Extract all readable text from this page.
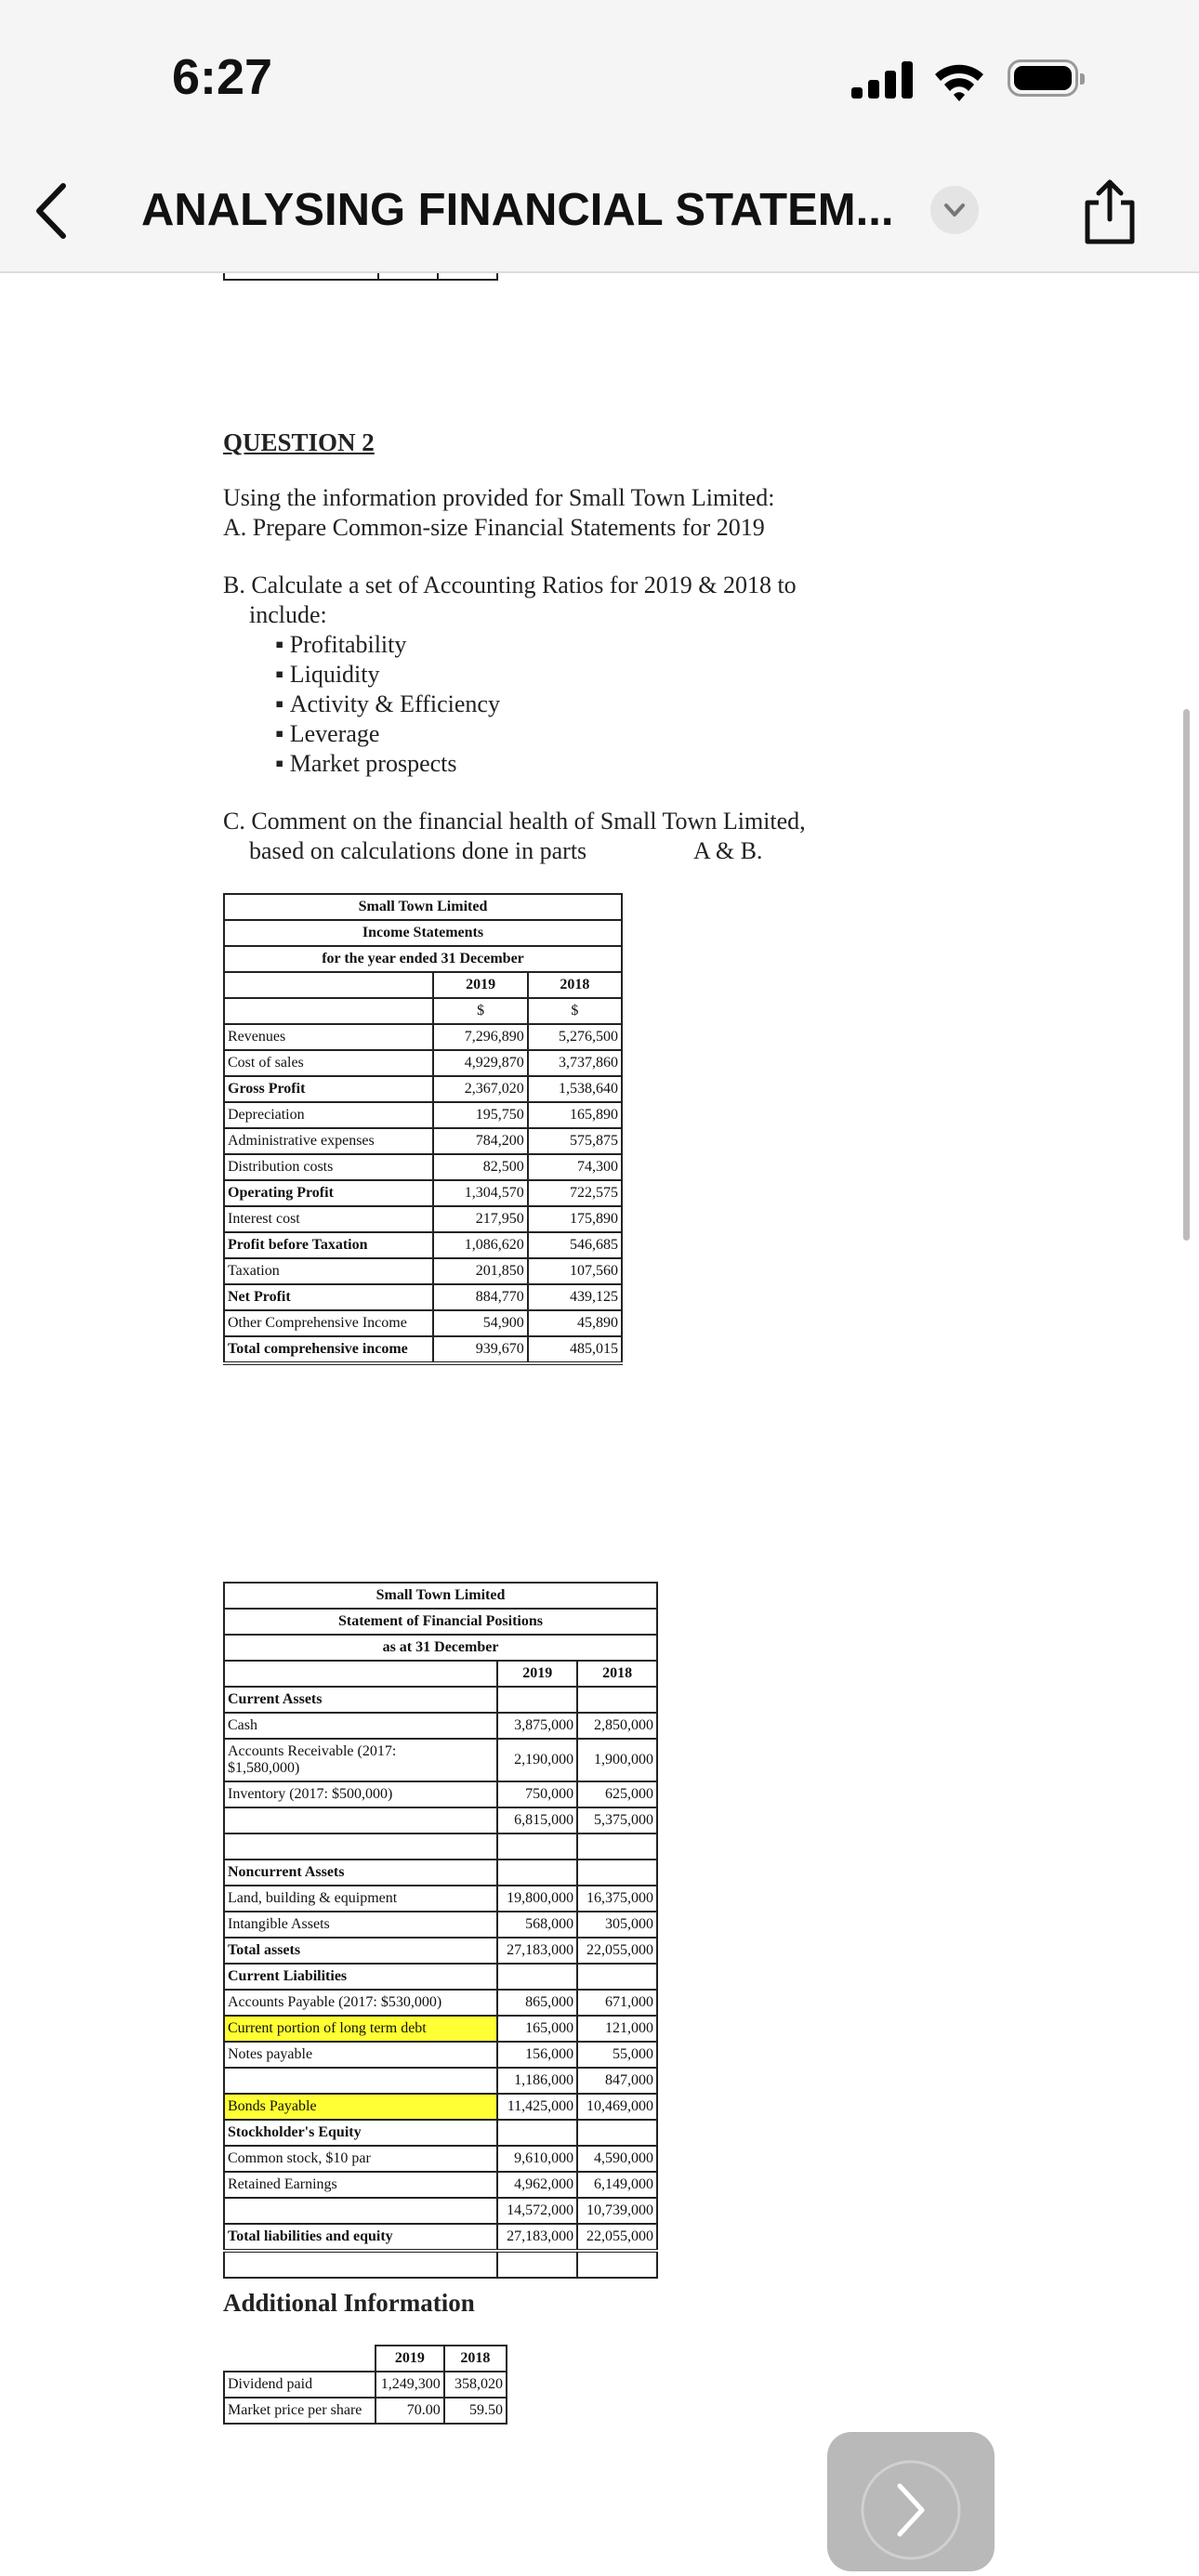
6:27
ANALYSING FINANCIAL STATEM...
QUESTION 2
Using the information provided for Small Town Limited:
A. Prepare Common-size Financial Statements for 2019
B. Calculate a set of Accounting Ratios for 2019 & 2018 to
include:
▪ Profitability
▪ Liquidity
▪ Activity & Efficiency
▪ Leverage
▪ Market prospects
C. Comment on the financial health of Small Town Limited,
based on calculations done in parts	A & B.
Small Town Limited		
Income Statements		
for the year ended 31 December		
	2019	2018
	$	$
Revenues	7,296,890	5,276,500
Cost of sales	4,929,870	3,737,860
Gross Profit	2,367,020	1,538,640
Depreciation	195,750	165,890
Administrative expenses	784,200	575,875
Distribution costs	82,500	74,300
Operating Profit	1,304,570	722,575
Interest cost	217,950	175,890
Profit before Taxation	1,086,620	546,685
Taxation	201,850	107,560
Net Profit	884,770	439,125
Other Comprehensive Income	54,900	45,890
Total comprehensive income	939,670	485,015
Small Town Limited		
Statement of Financial Positions		
as at 31 December		
	2019	2018
Current Assets		
Cash	3,875,000	2,850,000

Accounts Receivable (2017:
$1,580,000)	2,190,000	1,900,000
Inventory (2017: $500,000)	750,000	625,000
	6,815,000	5,375,000

Noncurrent Assets		
Land, building & equipment	19,800,000	16,375,000
Intangible Assets	568,000	305,000
Total assets	27,183,000	22,055,000
Current Liabilities		
Accounts Payable (2017: $530,000)	865,000	671,000
Current portion of long term debt	165,000	121,000
Notes payable	156,000	55,000
	1,186,000	847,000
Bonds Payable	11,425,000	10,469,000
Stockholder's Equity		
Common stock, $10 par	9,610,000	4,590,000
Retained Earnings	4,962,000	6,149,000
	14,572,000	10,739,000
Total liabilities and equity	27,183,000	22,055,000

Additional Information
	2019	2018
Dividend paid	1,249,300	358,020
Market price per share	70.00	59.50
